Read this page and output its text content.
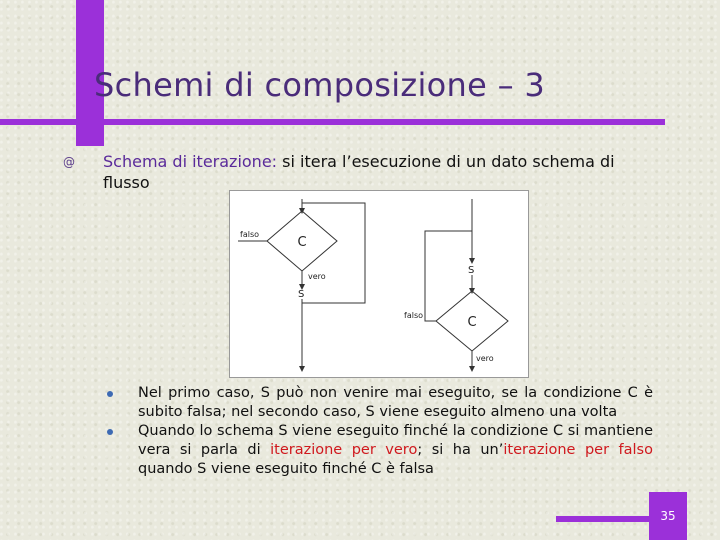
Schemi di composizione – 3
@ Schema di iterazione: si itera l’esecuzione di un dato schema di flusso
C
falso
vero
S
S
C
falso
vero
Nel primo caso, S può non venire mai eseguito, se la condizione C è subito falsa; nel secondo caso, S viene eseguito almeno una volta
Quando lo schema S viene eseguito finché la condizione C si mantiene vera si parla di iterazione per vero; si ha un’iterazione per falso quando S viene eseguito finché C è falsa
35
